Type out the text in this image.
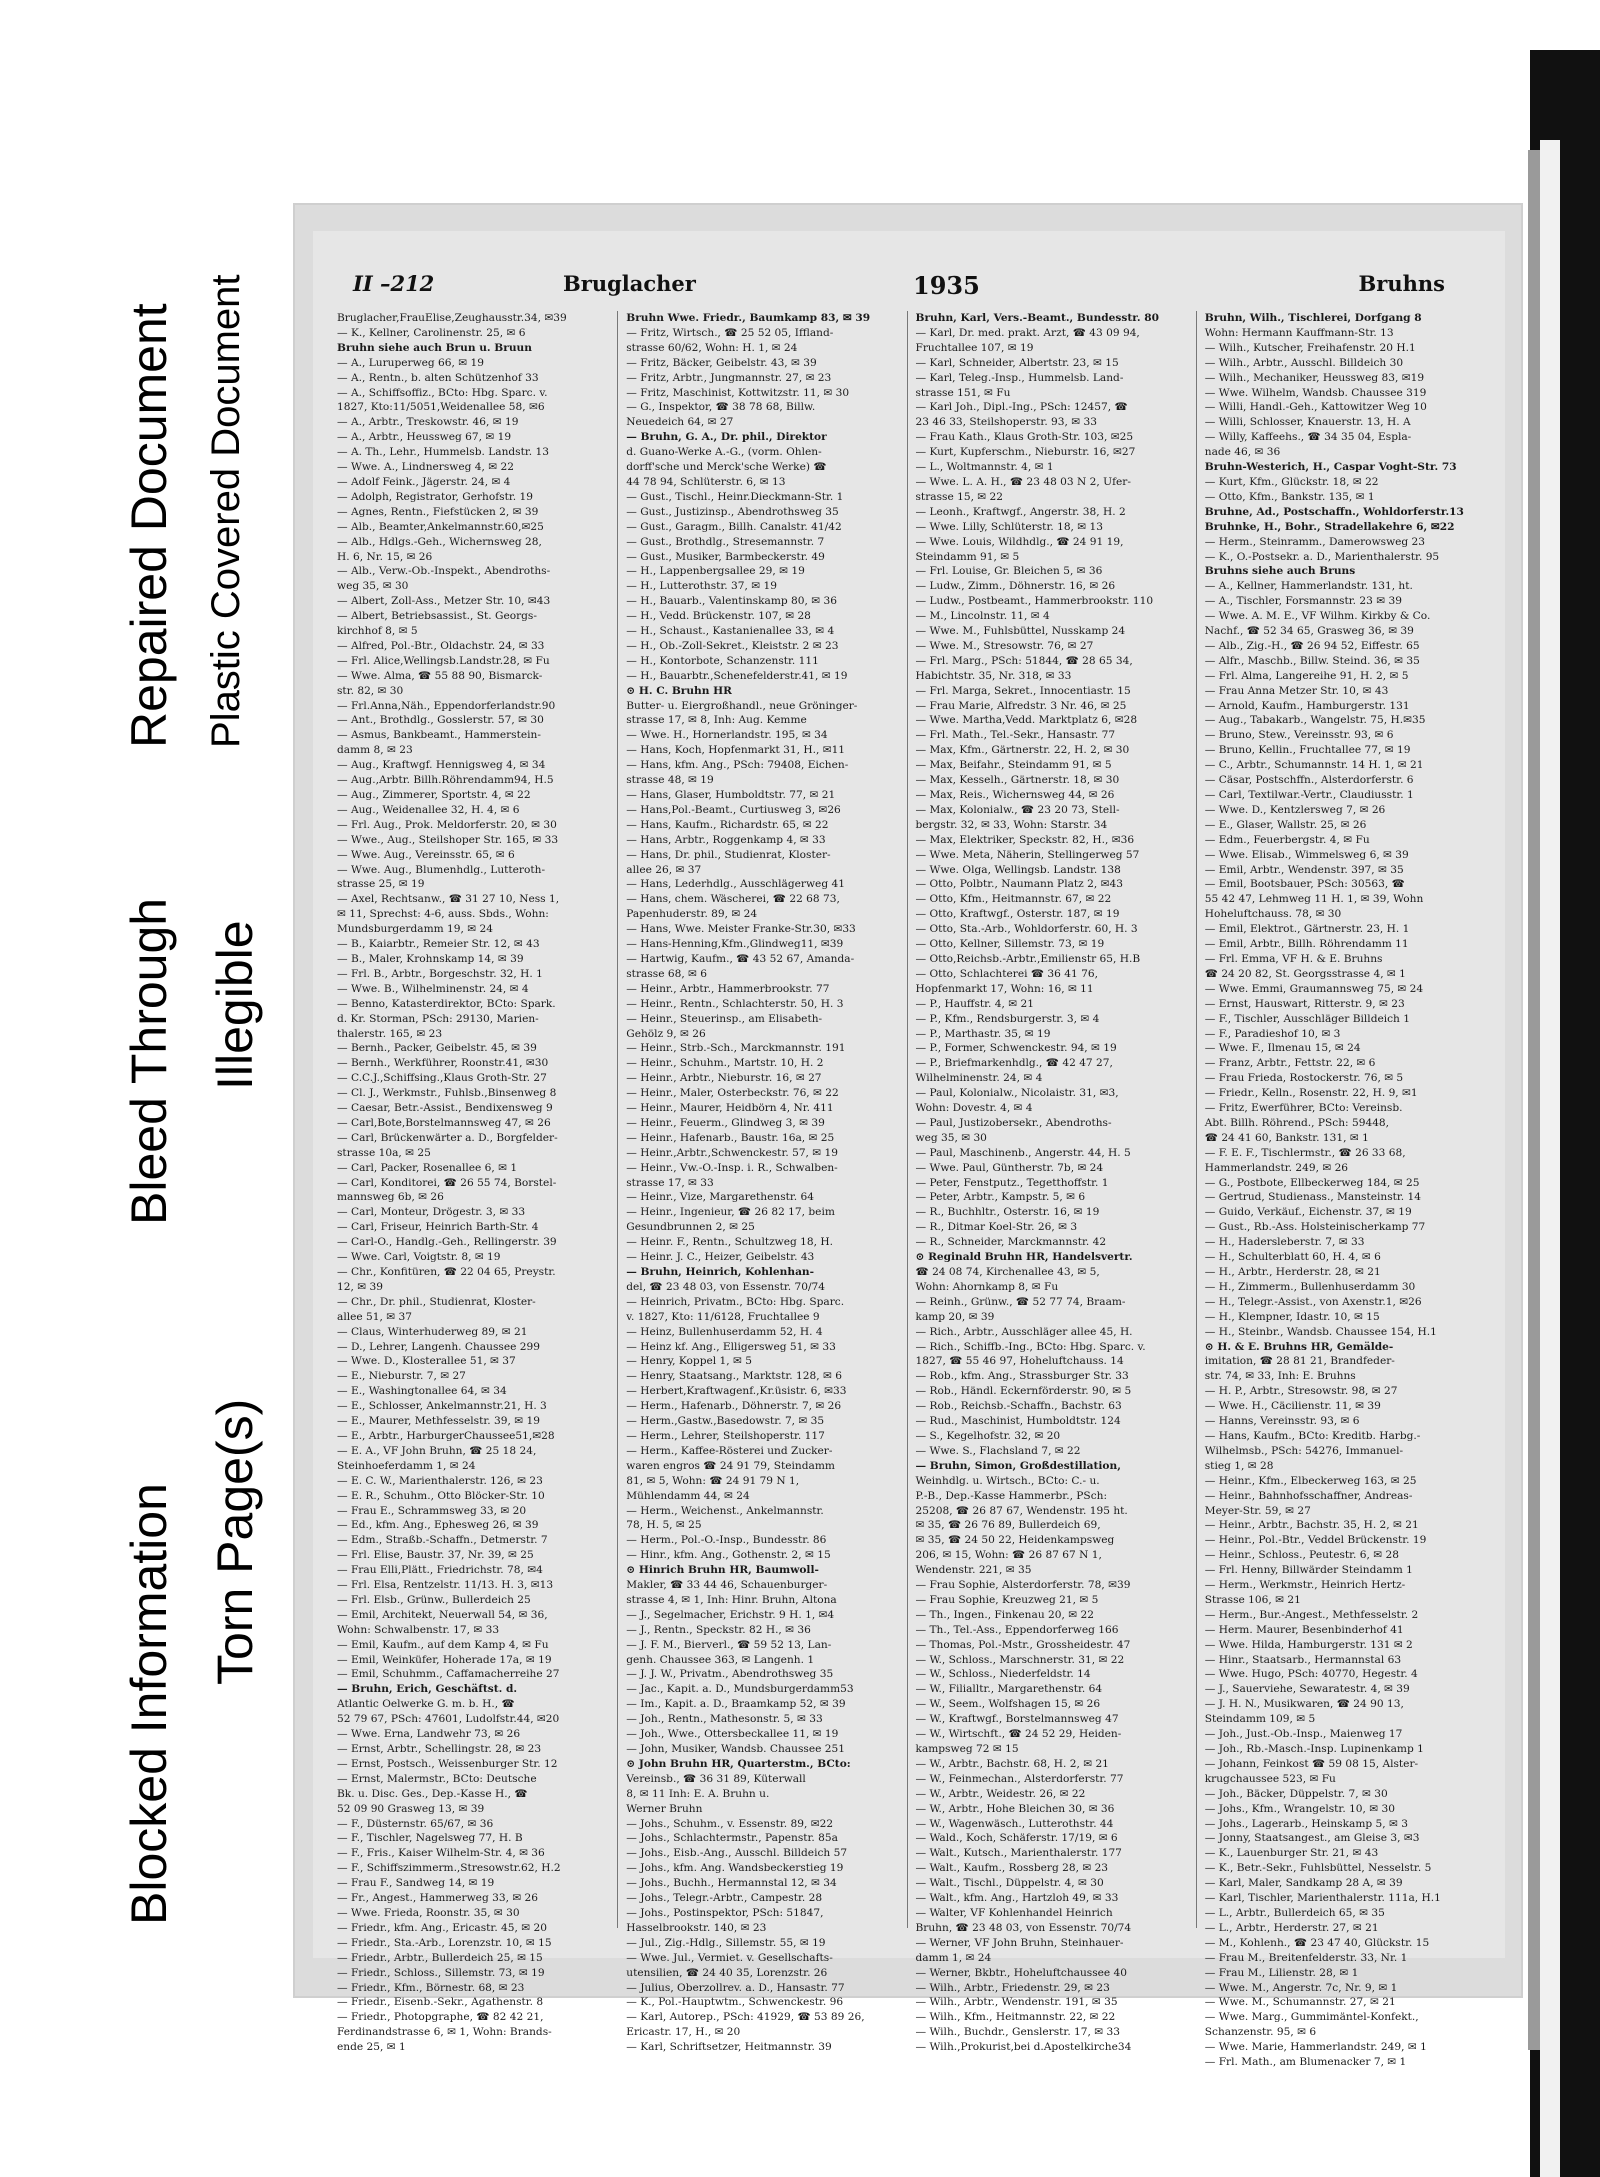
Blocked Information Torn Page(s)
Bleed Through Illegible
Repaired Document Plastic Covered Document	II –212	Bruglacher	1935	Bruhns
Bruglacher,FrauElise,Zeughausstr.34, ✉39
— K., Kellner, Carolinenstr. 25, ✉ 6
Bruhn siehe auch Brun u. Bruun
— A., Luruperweg 66, ✉ 19
— A., Rentn., b. alten Schützenhof 33
— A., Schiffsoffiz., BCto: Hbg. Sparc. v.
1827, Kto:11/5051,Weidenallee 58, ✉6
— A., Arbtr., Treskowstr. 46, ✉ 19
— A., Arbtr., Heussweg 67, ✉ 19
— A. Th., Lehr., Hummelsb. Landstr. 13
— Wwe. A., Lindnersweg 4, ✉ 22
— Adolf Feink., Jägerstr. 24, ✉ 4
— Adolph, Registrator, Gerhofstr. 19
— Agnes, Rentn., Fiefstücken 2, ✉ 39
— Alb., Beamter,Ankelmannstr.60,✉25
— Alb., Hdlgs.-Geh., Wichernsweg 28,
H. 6, Nr. 15, ✉ 26
— Alb., Verw.-Ob.-Inspekt., Abendroths-
weg 35, ✉ 30
— Albert, Zoll-Ass., Metzer Str. 10, ✉43
— Albert, Betriebsassist., St. Georgs-
kirchhof 8, ✉ 5
— Alfred, Pol.-Btr., Oldachstr. 24, ✉ 33
— Frl. Alice,Wellingsb.Landstr.28, ✉ Fu
— Wwe. Alma, ☎ 55 88 90, Bismarck-
str. 82, ✉ 30
— Frl.Anna,Näh., Eppendorferlandstr.90
— Ant., Brothdlg., Gosslerstr. 57, ✉ 30
— Asmus, Bankbeamt., Hammerstein-
damm 8, ✉ 23
— Aug., Kraftwgf. Hennigsweg 4, ✉ 34
— Aug.,Arbtr. Billh.Röhrendamm94, H.5
— Aug., Zimmerer, Sportstr. 4, ✉ 22
— Aug., Weidenallee 32, H. 4, ✉ 6
— Frl. Aug., Prok. Meldorferstr. 20, ✉ 30
— Wwe., Aug., Steilshoper Str. 165, ✉ 33
— Wwe. Aug., Vereinsstr. 65, ✉ 6
— Wwe. Aug., Blumenhdlg., Lutteroth-
strasse 25, ✉ 19
— Axel, Rechtsanw., ☎ 31 27 10, Ness 1,
✉ 11, Sprechst: 4-6, auss. Sbds., Wohn:
Mundsburgerdamm 19, ✉ 24
— B., Kaiarbtr., Remeier Str. 12, ✉ 43
— B., Maler, Krohnskamp 14, ✉ 39
— Frl. B., Arbtr., Borgeschstr. 32, H. 1
— Wwe. B., Wilhelminenstr. 24, ✉ 4
— Benno, Katasterdirektor, BCto: Spark.
d. Kr. Storman, PSch: 29130, Marien-
thalerstr. 165, ✉ 23
— Bernh., Packer, Geibelstr. 45, ✉ 39
— Bernh., Werkführer, Roonstr.41, ✉30
— C.C.J.,Schiffsing.,Klaus Groth-Str. 27
— Cl. J., Werkmstr., Fuhlsb.,Binsenweg 8
— Caesar, Betr.-Assist., Bendixensweg 9
— Carl,Bote,Borstelmannsweg 47, ✉ 26
— Carl, Brückenwärter a. D., Borgfelder-
strasse 10a, ✉ 25
— Carl, Packer, Rosenallee 6, ✉ 1
— Carl, Konditorei, ☎ 26 55 74, Borstel-
mannsweg 6b, ✉ 26
— Carl, Monteur, Drögestr. 3, ✉ 33
— Carl, Friseur, Heinrich Barth-Str. 4
— Carl-O., Handlg.-Geh., Rellingerstr. 39
— Wwe. Carl, Voigtstr. 8, ✉ 19
— Chr., Konfitüren, ☎ 22 04 65, Preystr.
12, ✉ 39
— Chr., Dr. phil., Studienrat, Kloster-
allee 51, ✉ 37
— Claus, Winterhuderweg 89, ✉ 21
— D., Lehrer, Langenh. Chaussee 299
— Wwe. D., Klosterallee 51, ✉ 37
— E., Nieburstr. 7, ✉ 27
— E., Washingtonallee 64, ✉ 34
— E., Schlosser, Ankelmannstr.21, H. 3
— E., Maurer, Methfesselstr. 39, ✉ 19
— E., Arbtr., HarburgerChaussee51,✉28
— E. A., VF John Bruhn, ☎ 25 18 24,
Steinhoeferdamm 1, ✉ 24
— E. C. W., Marienthalerstr. 126, ✉ 23
— E. R., Schuhm., Otto Blöcker-Str. 10
— Frau E., Schrammsweg 33, ✉ 20
— Ed., kfm. Ang., Ephesweg 26, ✉ 39
— Edm., Straßb.-Schaffn., Detmerstr. 7
— Frl. Elise, Baustr. 37, Nr. 39, ✉ 25
— Frau Elli,Plätt., Friedrichstr. 78, ✉4
— Frl. Elsa, Rentzelstr. 11/13. H. 3, ✉13
— Frl. Elsb., Grünw., Bullerdeich 25
— Emil, Architekt, Neuerwall 54, ✉ 36,
Wohn: Schwalbenstr. 17, ✉ 33
— Emil, Kaufm., auf dem Kamp 4, ✉ Fu
— Emil, Weinküfer, Hoherade 17a, ✉ 19
— Emil, Schuhmm., Caffamacherreihe 27
— Bruhn, Erich, Geschäftst. d.
Atlantic Oelwerke G. m. b. H., ☎
52 79 67, PSch: 47601, Ludolfstr.44, ✉20
— Wwe. Erna, Landwehr 73, ✉ 26
— Ernst, Arbtr., Schellingstr. 28, ✉ 23
— Ernst, Postsch., Weissenburger Str. 12
— Ernst, Malermstr., BCto: Deutsche
Bk. u. Disc. Ges., Dep.-Kasse H., ☎
52 09 90 Grasweg 13, ✉ 39
— F., Düsternstr. 65/67, ✉ 36
— F., Tischler, Nagelsweg 77, H. B
— F., Fris., Kaiser Wilhelm-Str. 4, ✉ 36
— F., Schiffszimmerm.,Stresowstr.62, H.2
— Frau F., Sandweg 14, ✉ 19
— Fr., Angest., Hammerweg 33, ✉ 26
— Wwe. Frieda, Roonstr. 35, ✉ 30
— Friedr., kfm. Ang., Ericastr. 45, ✉ 20
— Friedr., Sta.-Arb., Lorenzstr. 10, ✉ 15
— Friedr., Arbtr., Bullerdeich 25, ✉ 15
— Friedr., Schloss., Sillemstr. 73, ✉ 19
— Friedr., Kfm., Börnestr. 68, ✉ 23
— Friedr., Eisenb.-Sekr., Agathenstr. 8
— Friedr., Photopgraphe, ☎ 82 42 21,
Ferdinandstrasse 6, ✉ 1, Wohn: Brands-
ende 25, ✉ 1
Bruhn Wwe. Friedr., Baumkamp 83, ✉ 39
— Fritz, Wirtsch., ☎ 25 52 05, Iffland-
strasse 60/62, Wohn: H. 1, ✉ 24
— Fritz, Bäcker, Geibelstr. 43, ✉ 39
— Fritz, Arbtr., Jungmannstr. 27, ✉ 23
— Fritz, Maschinist, Kottwitzstr. 11, ✉ 30
— G., Inspektor, ☎ 38 78 68, Billw.
Neuedeich 64, ✉ 27
— Bruhn, G. A., Dr. phil., Direktor
d. Guano-Werke A.-G., (vorm. Ohlen-
dorff'sche und Merck'sche Werke) ☎
44 78 94, Schlüterstr. 6, ✉ 13
— Gust., Tischl., Heinr.Dieckmann-Str. 1
— Gust., Justizinsp., Abendrothsweg 35
— Gust., Garagm., Billh. Canalstr. 41/42
— Gust., Brothdlg., Stresemannstr. 7
— Gust., Musiker, Barmbeckerstr. 49
— H., Lappenbergsallee 29, ✉ 19
— H., Lutterothstr. 37, ✉ 19
— H., Bauarb., Valentinskamp 80, ✉ 36
— H., Vedd. Brückenstr. 107, ✉ 28
— H., Schaust., Kastanienallee 33, ✉ 4
— H., Ob.-Zoll-Sekret., Kleiststr. 2 ✉ 23
— H., Kontorbote, Schanzenstr. 111
— H., Bauarbtr.,Schenefelderstr.41, ✉ 19
⊙ H. C. Bruhn HR
Butter- u. Eiergroßhandl., neue Gröninger-
strasse 17, ✉ 8, Inh: Aug. Kemme
— Wwe. H., Hornerlandstr. 195, ✉ 34
— Hans, Koch, Hopfenmarkt 31, H., ✉11
— Hans, kfm. Ang., PSch: 79408, Eichen-
strasse 48, ✉ 19
— Hans, Glaser, Humboldtstr. 77, ✉ 21
— Hans,Pol.-Beamt., Curtiusweg 3, ✉26
— Hans, Kaufm., Richardstr. 65, ✉ 22
— Hans, Arbtr., Roggenkamp 4, ✉ 33
— Hans, Dr. phil., Studienrat, Kloster-
allee 26, ✉ 37
— Hans, Lederhdlg., Ausschlägerweg 41
— Hans, chem. Wäscherei, ☎ 22 68 73,
Papenhuderstr. 89, ✉ 24
— Hans, Wwe. Meister Franke-Str.30, ✉33
— Hans-Henning,Kfm.,Glindweg11, ✉39
— Hartwig, Kaufm., ☎ 43 52 67, Amanda-
strasse 68, ✉ 6
— Heinr., Arbtr., Hammerbrookstr. 77
— Heinr., Rentn., Schlachterstr. 50, H. 3
— Heinr., Steuerinsp., am Elisabeth-
Gehölz 9, ✉ 26
— Heinr., Strb.-Sch., Marckmannstr. 191
— Heinr., Schuhm., Martstr. 10, H. 2
— Heinr., Arbtr., Nieburstr. 16, ✉ 27
— Heinr., Maler, Osterbeckstr. 76, ✉ 22
— Heinr., Maurer, Heidbörn 4, Nr. 411
— Heinr., Feuerm., Glindweg 3, ✉ 39
— Heinr., Hafenarb., Baustr. 16a, ✉ 25
— Heinr.,Arbtr.,Schwenckestr. 57, ✉ 19
— Heinr., Vw.-O.-Insp. i. R., Schwalben-
strasse 17, ✉ 33
— Heinr., Vize, Margarethenstr. 64
— Heinr., Ingenieur, ☎ 26 82 17, beim
Gesundbrunnen 2, ✉ 25
— Heinr. F., Rentn., Schultzweg 18, H.
— Heinr. J. C., Heizer, Geibelstr. 43
— Bruhn, Heinrich, Kohlenhan-
del, ☎ 23 48 03, von Essenstr. 70/74
— Heinrich, Privatm., BCto: Hbg. Sparc.
v. 1827, Kto: 11/6128, Fruchtallee 9
— Heinz, Bullenhuserdamm 52, H. 4
— Heinz kf. Ang., Elligersweg 51, ✉ 33
— Henry, Koppel 1, ✉ 5
— Henry, Staatsang., Marktstr. 128, ✉ 6
— Herbert,Kraftwagenf.,Kr.üsistr. 6, ✉33
— Herm., Hafenarb., Döhnerstr. 7, ✉ 26
— Herm.,Gastw.,Basedowstr. 7, ✉ 35
— Herm., Lehrer, Steilshoperstr. 117
— Herm., Kaffee-Rösterei und Zucker-
waren engros ☎ 24 91 79, Steindamm
81, ✉ 5, Wohn: ☎ 24 91 79 N 1,
Mühlendamm 44, ✉ 24
— Herm., Weichenst., Ankelmannstr.
78, H. 5, ✉ 25
— Herm., Pol.-O.-Insp., Bundesstr. 86
— Hinr., kfm. Ang., Gothenstr. 2, ✉ 15
⊙ Hinrich Bruhn HR, Baumwoll-
Makler, ☎ 33 44 46, Schauenburger-
strasse 4, ✉ 1, Inh: Hinr. Bruhn, Altona
— J., Segelmacher, Erichstr. 9 H. 1, ✉4
— J., Rentn., Speckstr. 82 H., ✉ 36
— J. F. M., Bierverl., ☎ 59 52 13, Lan-
genh. Chaussee 363, ✉ Langenh. 1
— J. J. W., Privatm., Abendrothsweg 35
— Jac., Kapit. a. D., Mundsburgerdamm53
— Im., Kapit. a. D., Braamkamp 52, ✉ 39
— Joh., Rentn., Mathesonstr. 5, ✉ 33
— Joh., Wwe., Ottersbeckallee 11, ✉ 19
— John, Musiker, Wandsb. Chaussee 251
⊙ John Bruhn HR, Quarterstm., BCto:
Vereinsb., ☎ 36 31 89, Küterwall
8, ✉ 11 Inh: E. A. Bruhn u.
Werner Bruhn
— Johs., Schuhm., v. Essenstr. 89, ✉22
— Johs., Schlachtermstr., Papenstr. 85a
— Johs., Eisb.-Ang., Ausschl. Billdeich 57
— Johs., kfm. Ang. Wandsbeckerstieg 19
— Johs., Buchh., Hermannstal 12, ✉ 34
— Johs., Telegr.-Arbtr., Campestr. 28
— Johs., Postinspektor, PSch: 51847,
Hasselbrookstr. 140, ✉ 23
— Jul., Zig.-Hdlg., Sillemstr. 55, ✉ 19
— Wwe. Jul., Vermiet. v. Gesellschafts-
utensilien, ☎ 24 40 35, Lorenzstr. 26
— Julius, Oberzollrev. a. D., Hansastr. 77
— K., Pol.-Hauptwtm., Schwenckestr. 96
— Karl, Autorep., PSch: 41929, ☎ 53 89 26,
Ericastr. 17, H., ✉ 20
— Karl, Schriftsetzer, Heitmannstr. 39
Bruhn, Karl, Vers.-Beamt., Bundesstr. 80
— Karl, Dr. med. prakt. Arzt, ☎ 43 09 94,
Fruchtallee 107, ✉ 19
— Karl, Schneider, Albertstr. 23, ✉ 15
— Karl, Teleg.-Insp., Hummelsb. Land-
strasse 151, ✉ Fu
— Karl Joh., Dipl.-Ing., PSch: 12457, ☎
23 46 33, Steilshoperstr. 93, ✉ 33
— Frau Kath., Klaus Groth-Str. 103, ✉25
— Kurt, Kupferschm., Nieburstr. 16, ✉27
— L., Woltmannstr. 4, ✉ 1
— Wwe. L. A. H., ☎ 23 48 03 N 2, Ufer-
strasse 15, ✉ 22
— Leonh., Kraftwgf., Angerstr. 38, H. 2
— Wwe. Lilly, Schlüterstr. 18, ✉ 13
— Wwe. Louis, Wildhdlg., ☎ 24 91 19,
Steindamm 91, ✉ 5
— Frl. Louise, Gr. Bleichen 5, ✉ 36
— Ludw., Zimm., Döhnerstr. 16, ✉ 26
— Ludw., Postbeamt., Hammerbrookstr. 110
— M., Lincolnstr. 11, ✉ 4
— Wwe. M., Fuhlsbüttel, Nusskamp 24
— Wwe. M., Stresowstr. 76, ✉ 27
— Frl. Marg., PSch: 51844, ☎ 28 65 34,
Habichtstr. 35, Nr. 318, ✉ 33
— Frl. Marga, Sekret., Innocentiastr. 15
— Frau Marie, Alfredstr. 3 Nr. 46, ✉ 25
— Wwe. Martha,Vedd. Marktplatz 6, ✉28
— Frl. Math., Tel.-Sekr., Hansastr. 77
— Max, Kfm., Gärtnerstr. 22, H. 2, ✉ 30
— Max, Beifahr., Steindamm 91, ✉ 5
— Max, Kesselh., Gärtnerstr. 18, ✉ 30
— Max, Reis., Wichernsweg 44, ✉ 26
— Max, Kolonialw., ☎ 23 20 73, Stell-
bergstr. 32, ✉ 33, Wohn: Starstr. 34
— Max, Elektriker, Speckstr. 82, H., ✉36
— Wwe. Meta, Näherin, Stellingerweg 57
— Wwe. Olga, Wellingsb. Landstr. 138
— Otto, Polbtr., Naumann Platz 2, ✉43
— Otto, Kfm., Heitmannstr. 67, ✉ 22
— Otto, Kraftwgf., Osterstr. 187, ✉ 19
— Otto, Sta.-Arb., Wohldorferstr. 60, H. 3
— Otto, Kellner, Sillemstr. 73, ✉ 19
— Otto,Reichsb.-Arbtr.,Emilienstr 65, H.B
— Otto, Schlachterei ☎ 36 41 76,
Hopfenmarkt 17, Wohn: 16, ✉ 11
— P., Hauffstr. 4, ✉ 21
— P., Kfm., Rendsburgerstr. 3, ✉ 4
— P., Marthastr. 35, ✉ 19
— P., Former, Schwenckestr. 94, ✉ 19
— P., Briefmarkenhdlg., ☎ 42 47 27,
Wilhelminenstr. 24, ✉ 4
— Paul, Kolonialw., Nicolaistr. 31, ✉3,
Wohn: Dovestr. 4, ✉ 4
— Paul, Justizobersekr., Abendroths-
weg 35, ✉ 30
— Paul, Maschinenb., Angerstr. 44, H. 5
— Wwe. Paul, Güntherstr. 7b, ✉ 24
— Peter, Fenstputz., Tegetthoffstr. 1
— Peter, Arbtr., Kampstr. 5, ✉ 6
— R., Buchhltr., Osterstr. 16, ✉ 19
— R., Ditmar Koel-Str. 26, ✉ 3
— R., Schneider, Marckmannstr. 42
⊙ Reginald Bruhn HR, Handelsvertr.
☎ 24 08 74, Kirchenallee 43, ✉ 5,
Wohn: Ahornkamp 8, ✉ Fu
— Reinh., Grünw., ☎ 52 77 74, Braam-
kamp 20, ✉ 39
— Rich., Arbtr., Ausschläger allee 45, H.
— Rich., Schiffb.-Ing., BCto: Hbg. Sparc. v.
1827, ☎ 55 46 97, Hoheluftchauss. 14
— Rob., kfm. Ang., Strassburger Str. 33
— Rob., Händl. Eckernförderstr. 90, ✉ 5
— Rob., Reichsb.-Schaffn., Bachstr. 63
— Rud., Maschinist, Humboldtstr. 124
— S., Kegelhofstr. 32, ✉ 20
— Wwe. S., Flachsland 7, ✉ 22
— Bruhn, Simon, Großdestillation,
Weinhdlg. u. Wirtsch., BCto: C.- u.
P.-B., Dep.-Kasse Hammerbr., PSch:
25208, ☎ 26 87 67, Wendenstr. 195 ht.
✉ 35, ☎ 26 76 89, Bullerdeich 69,
✉ 35, ☎ 24 50 22, Heidenkampsweg
206, ✉ 15, Wohn: ☎ 26 87 67 N 1,
Wendenstr. 221, ✉ 35
— Frau Sophie, Alsterdorferstr. 78, ✉39
— Frau Sophie, Kreuzweg 21, ✉ 5
— Th., Ingen., Finkenau 20, ✉ 22
— Th., Tel.-Ass., Eppendorferweg 166
— Thomas, Pol.-Mstr., Grossheidestr. 47
— W., Schloss., Marschnerstr. 31, ✉ 22
— W., Schloss., Niederfeldstr. 14
— W., Filialltr., Margarethenstr. 64
— W., Seem., Wolfshagen 15, ✉ 26
— W., Kraftwgf., Borstelmannsweg 47
— W., Wirtschft., ☎ 24 52 29, Heiden-
kampsweg 72 ✉ 15
— W., Arbtr., Bachstr. 68, H. 2, ✉ 21
— W., Feinmechan., Alsterdorferstr. 77
— W., Arbtr., Weidestr. 26, ✉ 22
— W., Arbtr., Hohe Bleichen 30, ✉ 36
— W., Wagenwäsch., Lutterothstr. 44
— Wald., Koch, Schäferstr. 17/19, ✉ 6
— Walt., Kutsch., Marienthalerstr. 177
— Walt., Kaufm., Rossberg 28, ✉ 23
— Walt., Tischl., Düppelstr. 4, ✉ 30
— Walt., kfm. Ang., Hartzloh 49, ✉ 33
— Walter, VF Kohlenhandel Heinrich
Bruhn, ☎ 23 48 03, von Essenstr. 70/74
— Werner, VF John Bruhn, Steinhauer-
damm 1, ✉ 24
— Werner, Bkbtr., Hoheluftchaussee 40
— Wilh., Arbtr., Friedenstr. 29, ✉ 23
— Wilh., Arbtr., Wendenstr. 191, ✉ 35
— Wilh., Kfm., Heitmannstr. 22, ✉ 22
— Wilh., Buchdr., Genslerstr. 17, ✉ 33
— Wilh.,Prokurist,bei d.Apostelkirche34
Bruhn, Wilh., Tischlerei, Dorfgang 8
Wohn: Hermann Kauffmann-Str. 13
— Wilh., Kutscher, Freihafenstr. 20 H.1
— Wilh., Arbtr., Ausschl. Billdeich 30
— Wilh., Mechaniker, Heussweg 83, ✉19
— Wwe. Wilhelm, Wandsb. Chaussee 319
— Willi, Handl.-Geh., Kattowitzer Weg 10
— Willi, Schlosser, Knauerstr. 13, H. A
— Willy, Kaffeehs., ☎ 34 35 04, Espla-
nade 46, ✉ 36
Bruhn-Westerich, H., Caspar Voght-Str. 73
— Kurt, Kfm., Glückstr. 18, ✉ 22
— Otto, Kfm., Bankstr. 135, ✉ 1
Bruhne, Ad., Postschaffn., Wohldorferstr.13
Bruhnke, H., Bohr., Stradellakehre 6, ✉22
— Herm., Steinramm., Damerowsweg 23
— K., O.-Postsekr. a. D., Marienthalerstr. 95
Bruhns siehe auch Bruns
— A., Kellner, Hammerlandstr. 131, ht.
— A., Tischler, Forsmannstr. 23 ✉ 39
— Wwe. A. M. E., VF Wilhm. Kirkby & Co.
Nachf., ☎ 52 34 65, Grasweg 36, ✉ 39
— Alb., Zig.-H., ☎ 26 94 52, Eiffestr. 65
— Alfr., Maschb., Billw. Steind. 36, ✉ 35
— Frl. Alma, Langereihe 91, H. 2, ✉ 5
— Frau Anna Metzer Str. 10, ✉ 43
— Arnold, Kaufm., Hamburgerstr. 131
— Aug., Tabakarb., Wangelstr. 75, H.✉35
— Bruno, Stew., Vereinsstr. 93, ✉ 6
— Bruno, Kellin., Fruchtallee 77, ✉ 19
— C., Arbtr., Schumannstr. 14 H. 1, ✉ 21
— Cäsar, Postschffn., Alsterdorferstr. 6
— Carl, Textilwar.-Vertr., Claudiusstr. 1
— Wwe. D., Kentzlersweg 7, ✉ 26
— E., Glaser, Wallstr. 25, ✉ 26
— Edm., Feuerbergstr. 4, ✉ Fu
— Wwe. Elisab., Wimmelsweg 6, ✉ 39
— Emil, Arbtr., Wendenstr. 397, ✉ 35
— Emil, Bootsbauer, PSch: 30563, ☎
55 42 47, Lehmweg 11 H. 1, ✉ 39, Wohn
Hoheluftchauss. 78, ✉ 30
— Emil, Elektrot., Gärtnerstr. 23, H. 1
— Emil, Arbtr., Billh. Röhrendamm 11
— Frl. Emma, VF H. & E. Bruhns
☎ 24 20 82, St. Georgsstrasse 4, ✉ 1
— Wwe. Emmi, Graumannsweg 75, ✉ 24
— Ernst, Hauswart, Ritterstr. 9, ✉ 23
— F., Tischler, Ausschläger Billdeich 1
— F., Paradieshof 10, ✉ 3
— Wwe. F., Ilmenau 15, ✉ 24
— Franz, Arbtr., Fettstr. 22, ✉ 6
— Frau Frieda, Rostockerstr. 76, ✉ 5
— Friedr., Kelln., Rosenstr. 22, H. 9, ✉1
— Fritz, Ewerführer, BCto: Vereinsb.
Abt. Billh. Röhrend., PSch: 59448,
☎ 24 41 60, Bankstr. 131, ✉ 1
— F. E. F., Tischlermstr., ☎ 26 33 68,
Hammerlandstr. 249, ✉ 26
— G., Postbote, Ellbeckerweg 184, ✉ 25
— Gertrud, Studienass., Mansteinstr. 14
— Guido, Verkäuf., Eichenstr. 37, ✉ 19
— Gust., Rb.-Ass. Holsteinischerkamp 77
— H., Hadersleberstr. 7, ✉ 33
— H., Schulterblatt 60, H. 4, ✉ 6
— H., Arbtr., Herderstr. 28, ✉ 21
— H., Zimmerm., Bullenhuserdamm 30
— H., Telegr.-Assist., von Axenstr.1, ✉26
— H., Klempner, Idastr. 10, ✉ 15
— H., Steinbr., Wandsb. Chaussee 154, H.1
⊙ H. & E. Bruhns HR, Gemälde-
imitation, ☎ 28 81 21, Brandfeder-
str. 74, ✉ 33, Inh: E. Bruhns
— H. P., Arbtr., Stresowstr. 98, ✉ 27
— Wwe. H., Cäcilienstr. 11, ✉ 39
— Hanns, Vereinsstr. 93, ✉ 6
— Hans, Kaufm., BCto: Kreditb. Harbg.-
Wilhelmsb., PSch: 54276, Immanuel-
stieg 1, ✉ 28
— Heinr., Kfm., Elbeckerweg 163, ✉ 25
— Heinr., Bahnhofsschaffner, Andreas-
Meyer-Str. 59, ✉ 27
— Heinr., Arbtr., Bachstr. 35, H. 2, ✉ 21
— Heinr., Pol.-Btr., Veddel Brückenstr. 19
— Heinr., Schloss., Peutestr. 6, ✉ 28
— Frl. Henny, Billwärder Steindamm 1
— Herm., Werkmstr., Heinrich Hertz-
Strasse 106, ✉ 21
— Herm., Bur.-Angest., Methfesselstr. 2
— Herm. Maurer, Besenbinderhof 41
— Wwe. Hilda, Hamburgerstr. 131 ✉ 2
— Hinr., Staatsarb., Hermannstal 63
— Wwe. Hugo, PSch: 40770, Hegestr. 4
— J., Sauerviehe, Sewaratestr. 4, ✉ 39
— J. H. N., Musikwaren, ☎ 24 90 13,
Steindamm 109, ✉ 5
— Joh., Just.-Ob.-Insp., Maienweg 17
— Joh., Rb.-Masch.-Insp. Lupinenkamp 1
— Johann, Feinkost ☎ 59 08 15, Alster-
krugchaussee 523, ✉ Fu
— Joh., Bäcker, Düppelstr. 7, ✉ 30
— Johs., Kfm., Wrangelstr. 10, ✉ 30
— Johs., Lagerarb., Heinskamp 5, ✉ 3
— Jonny, Staatsangest., am Gleise 3, ✉3
— K., Lauenburger Str. 21, ✉ 43
— K., Betr.-Sekr., Fuhlsbüttel, Nesselstr. 5
— Karl, Maler, Sandkamp 28 A, ✉ 39
— Karl, Tischler, Marienthalerstr. 111a, H.1
— L., Arbtr., Bullerdeich 65, ✉ 35
— L., Arbtr., Herderstr. 27, ✉ 21
— M., Kohlenh., ☎ 23 47 40, Glückstr. 15
— Frau M., Breitenfelderstr. 33, Nr. 1
— Frau M., Lilienstr. 28, ✉ 1
— Wwe. M., Angerstr. 7c, Nr. 9, ✉ 1
— Wwe. M., Schumannstr. 27, ✉ 21
— Wwe. Marg., Gummimäntel-Konfekt.,
Schanzenstr. 95, ✉ 6
— Wwe. Marie, Hammerlandstr. 249, ✉ 1
— Frl. Math., am Blumenacker 7, ✉ 1
